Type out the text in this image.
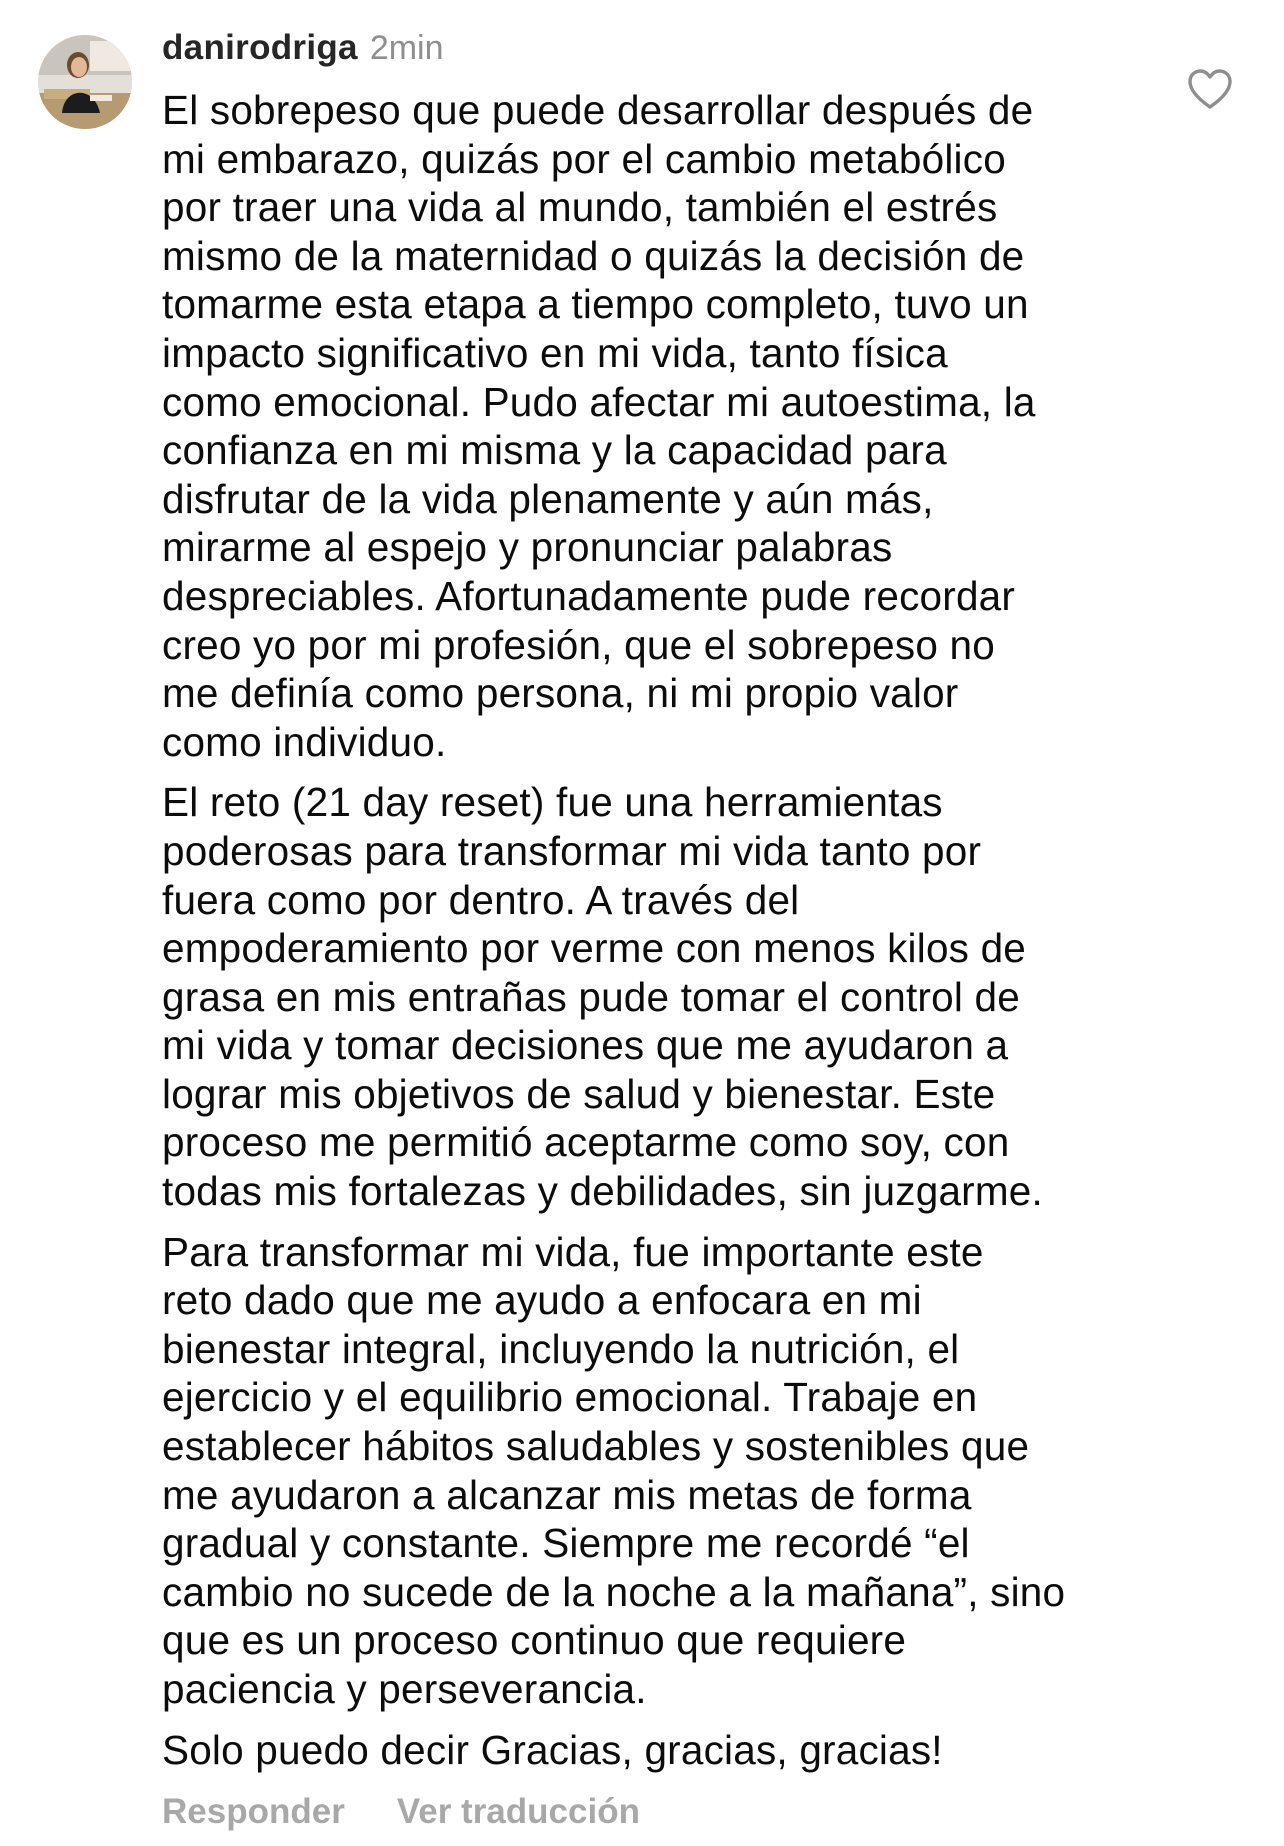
danirodriga 2min
El sobrepeso que puede desarrollar después de
mi embarazo, quizás por el cambio metabólico
por traer una vida al mundo, también el estrés
mismo de la maternidad o quizás la decisión de
tomarme esta etapa a tiempo completo, tuvo un
impacto significativo en mi vida, tanto física
como emocional. Pudo afectar mi autoestima, la
confianza en mi misma y la capacidad para
disfrutar de la vida plenamente y aún más,
mirarme al espejo y pronunciar palabras
despreciables. Afortunadamente pude recordar
creo yo por mi profesión, que el sobrepeso no
me definía como persona, ni mi propio valor
como individuo.
El reto (21 day reset) fue una herramientas
poderosas para transformar mi vida tanto por
fuera como por dentro. A través del
empoderamiento por verme con menos kilos de
grasa en mis entrañas pude tomar el control de
mi vida y tomar decisiones que me ayudaron a
lograr mis objetivos de salud y bienestar. Este
proceso me permitió aceptarme como soy, con
todas mis fortalezas y debilidades, sin juzgarme.
Para transformar mi vida, fue importante este
reto dado que me ayudo a enfocara en mi
bienestar integral, incluyendo la nutrición, el
ejercicio y el equilibrio emocional. Trabaje en
establecer hábitos saludables y sostenibles que
me ayudaron a alcanzar mis metas de forma
gradual y constante. Siempre me recordé “el
cambio no sucede de la noche a la mañana”, sino
que es un proceso continuo que requiere
paciencia y perseverancia.
Solo puedo decir Gracias, gracias, gracias!
Responder Ver traducción
